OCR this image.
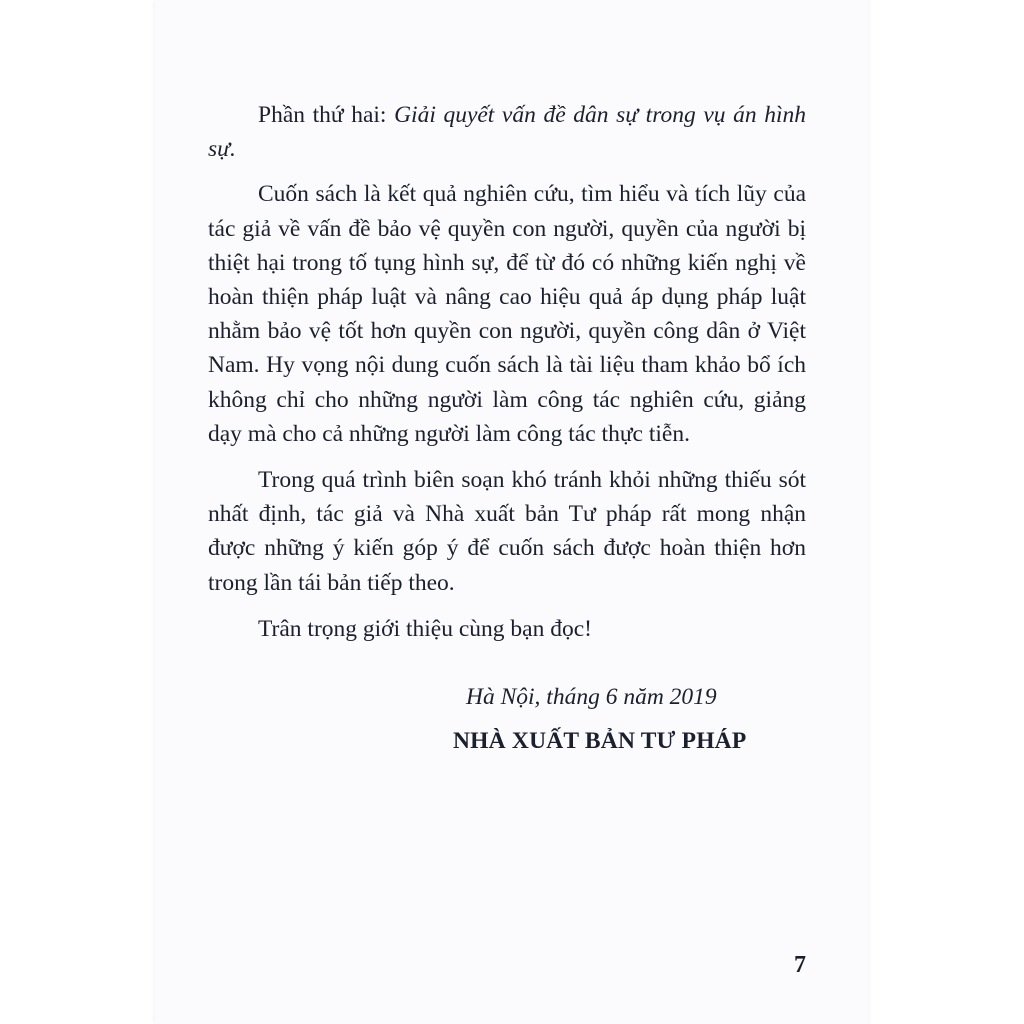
Phần thứ hai: Giải quyết vấn đề dân sự trong vụ án hình sự.

Cuốn sách là kết quả nghiên cứu, tìm hiểu và tích lũy của tác giả về vấn đề bảo vệ quyền con người, quyền của người bị thiệt hại trong tố tụng hình sự, để từ đó có những kiến nghị về hoàn thiện pháp luật và nâng cao hiệu quả áp dụng pháp luật nhằm bảo vệ tốt hơn quyền con người, quyền công dân ở Việt Nam. Hy vọng nội dung cuốn sách là tài liệu tham khảo bổ ích không chỉ cho những người làm công tác nghiên cứu, giảng dạy mà cho cả những người làm công tác thực tiễn.

Trong quá trình biên soạn khó tránh khỏi những thiếu sót nhất định, tác giả và Nhà xuất bản Tư pháp rất mong nhận được những ý kiến góp ý để cuốn sách được hoàn thiện hơn trong lần tái bản tiếp theo.

Trân trọng giới thiệu cùng bạn đọc!

Hà Nội, tháng 6 năm 2019
NHÀ XUẤT BẢN TƯ PHÁP
7
